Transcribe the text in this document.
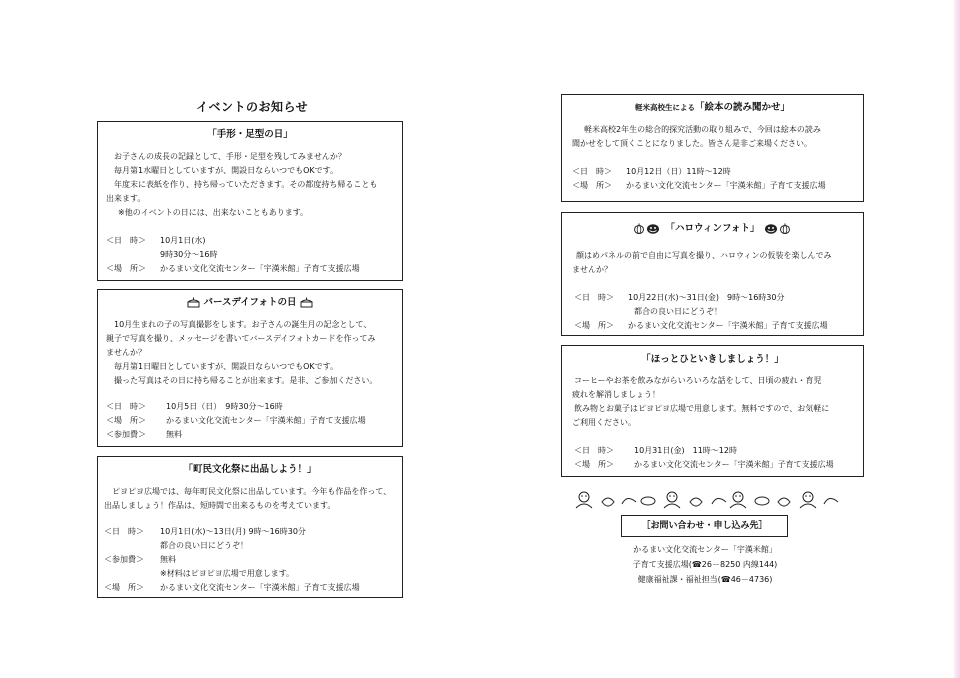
イベントのお知らせ
「手形・足型の日」
お子さんの成長の記録として、手形・足型を残してみませんか？
毎月第1水曜日としていますが、開設日ならいつでもOKです。
年度末に表紙を作り、持ち帰っていただきます。その都度持ち帰ることも
出来ます。
※他のイベントの日には、出来ないこともあります。
＜日　時＞ 10月1日(水)
9時30分～16時
＜場　所＞ かるまい文化交流センター「宇漢米館」子育て支援広場
バースデイフォトの日
10月生まれの子の写真撮影をします。お子さんの誕生月の記念として、
親子で写真を撮り、メッセージを書いてバースデイフォトカードを作ってみ
ませんか？
毎月第1日曜日としていますが、開設日ならいつでもOKです。
撮った写真はその日に持ち帰ることが出来ます。是非、ご参加ください。
＜日　時＞	10月5日（日）　9時30分～16時
＜場　所＞	かるまい文化交流センター「宇漢米館」子育て支援広場
＜参加費＞	無料
「町民文化祭に出品しよう！」
ピヨピヨ広場では、毎年町民文化祭に出品しています。今年も作品を作って、
出品しましょう！作品は、短時間で出来るものを考えています。
＜日　時＞ 10月1日(水)～13日(月) 9時～16時30分
都合の良い日にどうぞ！
＜参加費＞ 無料
※材料はピヨピヨ広場で用意します。
＜場　所＞ かるまい文化交流センター「宇漢米館」子育て支援広場
軽米高校生による「絵本の読み聞かせ」
軽米高校2年生の総合的探究活動の取り組みで、今回は絵本の読み
聞かせをして頂くことになりました。皆さん是非ご来場ください。
＜日　時＞ 10月12日（日）11時～12時
＜場　所＞ かるまい文化交流センター「宇漢米館」子育て支援広場
「ハロウィンフォト」
顔はめパネルの前で自由に写真を撮り、ハロウィンの仮装を楽しんでみ
ませんか？
＜日　時＞ 10月22日(水)～31日(金)　9時～16時30分
都合の良い日にどうぞ！
＜場　所＞ かるまい文化交流センター「宇漢米館」子育て支援広場
「ほっとひといきしましょう！」
コーヒーやお茶を飲みながらいろいろな話をして、日頃の疲れ・育児
疲れを解消しましょう！
飲み物とお菓子はピヨピヨ広場で用意します。無料ですので、お気軽に
ご利用ください。
＜日　時＞	10月31日(金)　11時～12時
＜場　所＞	かるまい文化交流センター「宇漢米館」子育て支援広場
［お問い合わせ・申し込み先］
かるまい文化交流センター「宇漢米館」
子育て支援広場(☎26－8250 内線144)
健康福祉課・福祉担当(☎46－4736)
